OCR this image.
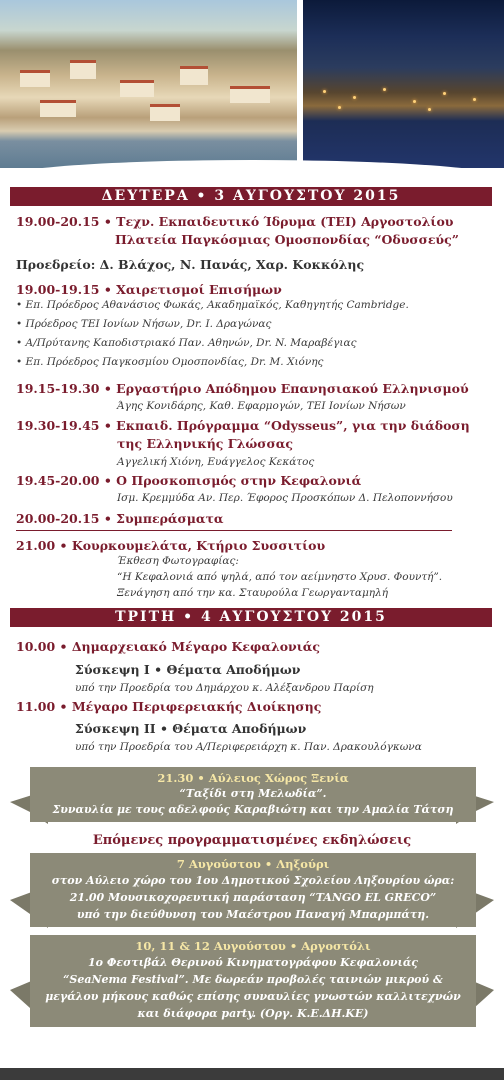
ΔΕΥΤΕΡΑ • 3 ΑΥΓΟΥΣΤΟΥ 2015
19.00-20.15 • Τεχν. Εκπαιδευτικό Ίδρυμα (ΤΕΙ) Αργοστολίου
Πλατεία Παγκόσμιας Ομοσπονδίας “Οδυσσεύς”
Προεδρείο: Δ. Βλάχος, Ν. Πανάς, Χαρ. Κοκκόλης
19.00-19.15 • Χαιρετισμοί Επισήμων
• Επ. Πρόεδρος Αθανάσιος Φωκάς, Ακαδημαϊκός, Καθηγητής Cambridge.
• Πρόεδρος ΤΕΙ Ιονίων Νήσων, Dr. I. Δραγώνας
• Α/Πρύτανης Καποδιστριακό Παν. Αθηνών, Dr. N. Μαραβέγιας
• Επ. Πρόεδρος Παγκοσμίου Ομοσπονδίας, Dr. M. Χιόνης
19.15-19.30 • Εργαστήριο Απόδημου Επανησιακού Ελληνισμού
Άγης Κονιδάρης, Καθ. Εφαρμογών, ΤΕΙ Ιονίων Νήσων
19.30-19.45 • Εκπαιδ. Πρόγραμμα “Odysseus”, για την διάδοση
της Ελληνικής Γλώσσας
Αγγελική Χιόνη, Ευάγγελος Κεκάτος
19.45-20.00 • Ο Προσκοπισμός στην Κεφαλονιά
Ισμ. Κρεμμύδα Αν. Περ. Έφορος Προσκόπων Δ. Πελοποννήσου
20.00-20.15 • Συμπεράσματα
21.00 • Κουρκουμελάτα, Κτήριο Συσσιτίου
Έκθεση Φωτογραφίας:
“Η Κεφαλονιά από ψηλά, από τον αείμνηστο Χρυσ. Φουντή”.
Ξενάγηση από την κα. Σταυρούλα Γεωργανταμηλή
ΤΡΙΤΗ • 4 ΑΥΓΟΥΣΤΟΥ 2015
10.00 • Δημαρχειακό Μέγαρο Κεφαλονιάς
Σύσκεψη Ι • Θέματα Αποδήμων
υπό την Προεδρία του Δημάρχου κ. Αλέξανδρου Παρίση
11.00 • Μέγαρο Περιφερειακής Διοίκησης
Σύσκεψη ΙΙ • Θέματα Αποδήμων
υπό την Προεδρία του Α/Περιφερειάρχη κ. Παν. Δρακουλόγκωνα
21.30 • Αύλειος Χώρος Ξενία
“Ταξίδι στη Μελωδία”.
Συναυλία με τους αδελφούς Καραβιώτη και την Αμαλία Τάτση
Επόμενες προγραμματισμένες εκδηλώσεις
7 Αυγούστου • Ληξούρι
στον Αύλειο χώρο του 1ου Δημοτικού Σχολείου Ληξουρίου ώρα:
21.00 Μουσικοχορευτική παράσταση “TANGO EL GRECO”
υπό την διεύθυνση του Μαέστρου Παναγή Μπαρμπάτη.
10, 11 & 12 Αυγούστου • Αργοστόλι
1ο Φεστιβάλ Θερινού Κινηματογράφου Κεφαλονιάς
“SeaNema Festival”. Με δωρεάν προβολές ταινιών μικρού &
μεγάλου μήκους καθώς επίσης συναυλίες γνωστών καλλιτεχνών
και διάφορα party. (Οργ. Κ.Ε.ΔΗ.ΚΕ)
